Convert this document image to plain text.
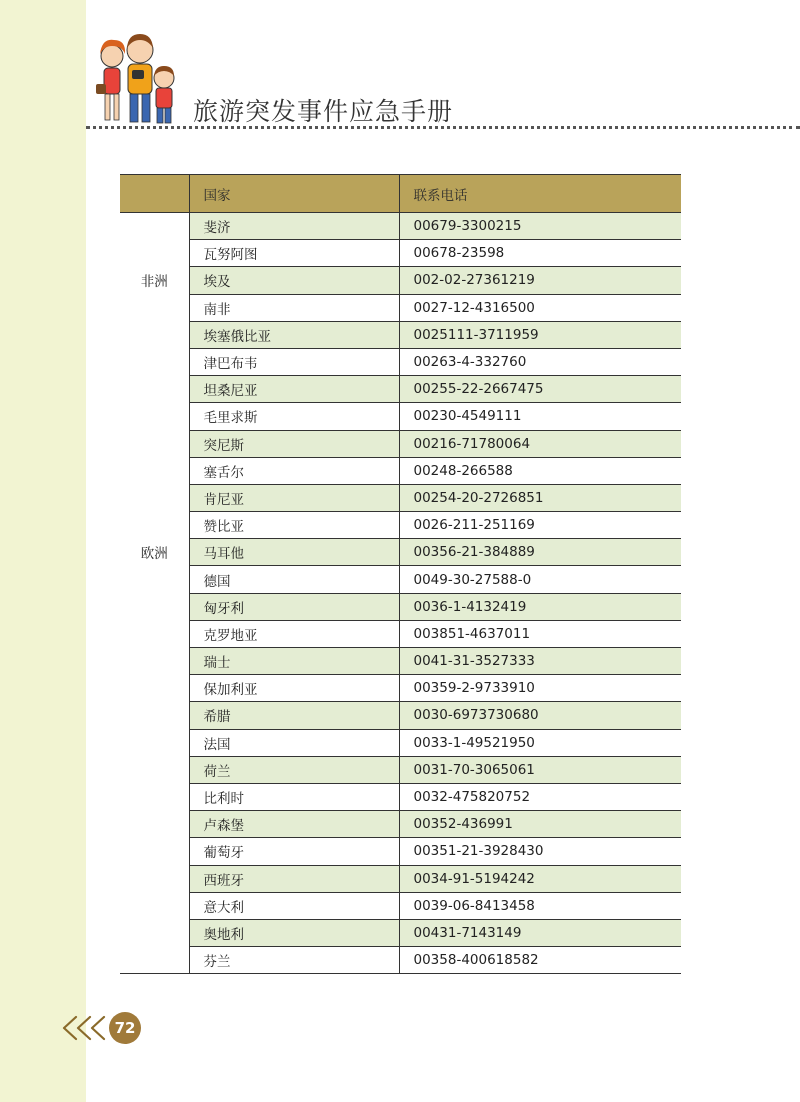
旅游突发事件应急手册
	国家	联系电话
	斐济	00679-3300215
	瓦努阿图	00678-23598
非洲	埃及	002-02-27361219
	南非	0027-12-4316500
	埃塞俄比亚	0025111-3711959
	津巴布韦	00263-4-332760
	坦桑尼亚	00255-22-2667475
	毛里求斯	00230-4549111
	突尼斯	00216-71780064
	塞舌尔	00248-266588
	肯尼亚	00254-20-2726851
	赞比亚	0026-211-251169
欧洲	马耳他	00356-21-384889
	德国	0049-30-27588-0
	匈牙利	0036-1-4132419
	克罗地亚	003851-4637011
	瑞士	0041-31-3527333
	保加利亚	00359-2-9733910
	希腊	0030-6973730680
	法国	0033-1-49521950
	荷兰	0031-70-3065061
	比利时	0032-475820752
	卢森堡	00352-436991
	葡萄牙	00351-21-3928430
	西班牙	0034-91-5194242
	意大利	0039-06-8413458
	奥地利	00431-7143149
	芬兰	00358-400618582
72
